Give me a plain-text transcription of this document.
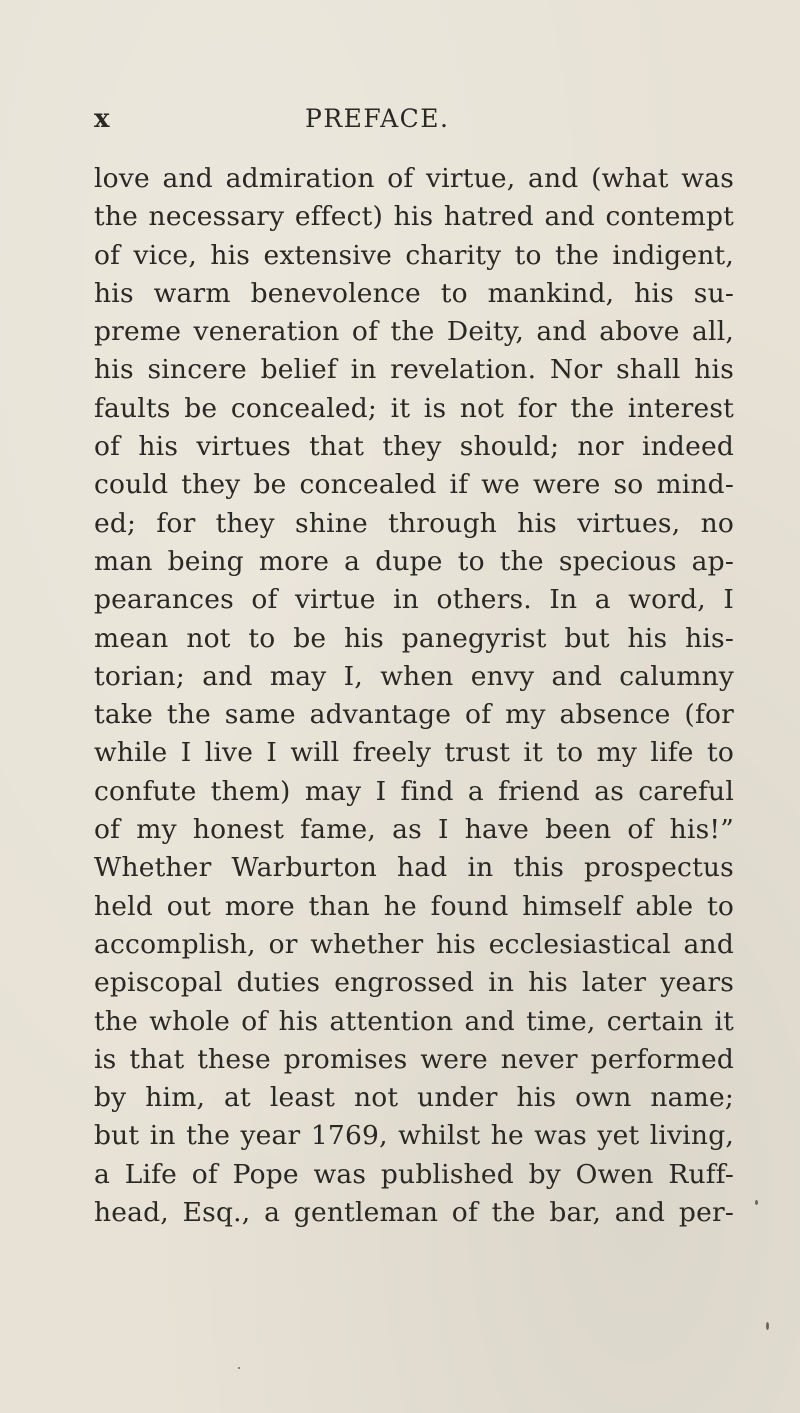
x	PREFACE.
love and admiration of virtue, and (what was
the necessary effect) his hatred and contempt
of vice, his extensive charity to the indigent,
his warm benevolence to mankind, his su-
preme veneration of the Deity, and above all,
his sincere belief in revelation. Nor shall his
faults be concealed; it is not for the interest
of his virtues that they should; nor indeed
could they be concealed if we were so mind-
ed; for they shine through his virtues, no
man being more a dupe to the specious ap-
pearances of virtue in others. In a word, I
mean not to be his panegyrist but his his-
torian; and may I, when envy and calumny
take the same advantage of my absence (for
while I live I will freely trust it to my life to
confute them) may I find a friend as careful
of my honest fame, as I have been of his!”
Whether Warburton had in this prospectus
held out more than he found himself able to
accomplish, or whether his ecclesiastical and
episcopal duties engrossed in his later years
the whole of his attention and time, certain it
is that these promises were never performed
by him, at least not under his own name;
but in the year 1769, whilst he was yet living,
a Life of Pope was published by Owen Ruff-
head, Esq., a gentleman of the bar, and per-
